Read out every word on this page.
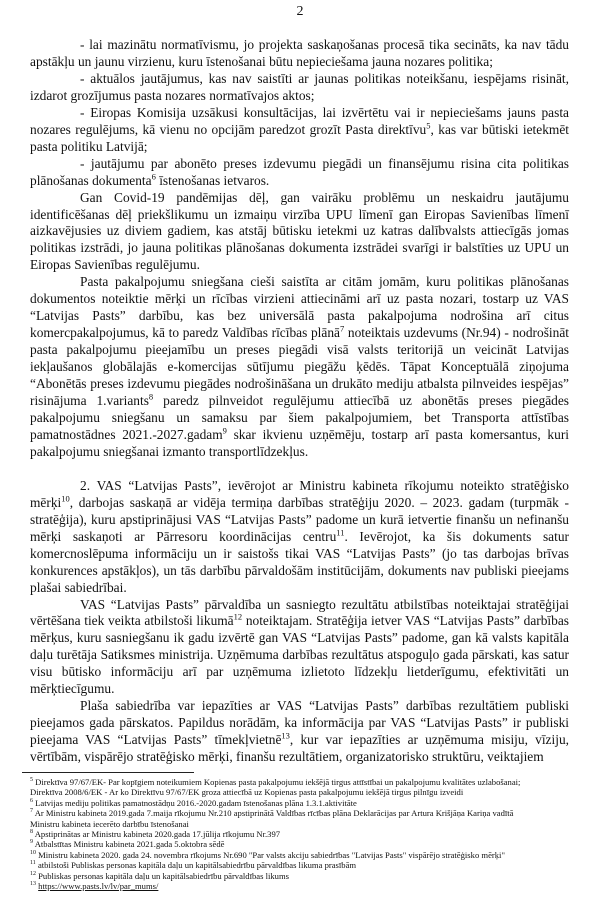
2

- lai mazinātu normatīvismu, jo projekta saskaņošanas procesā tika secināts, ka nav tādu apstākļu un jaunu virzienu, kuru īstenošanai būtu nepieciešama jauna nozares politika;

- aktuālos jautājumus, kas nav saistīti ar jaunas politikas noteikšanu, iespējams risināt, izdarot grozījumus pasta nozares normatīvajos aktos;

- Eiropas Komisija uzsākusi konsultācijas, lai izvērtētu vai ir nepieciešams jauns pasta nozares regulējums, kā vienu no opcijām paredzot grozīt Pasta direktīvu$^5$, kas var būtiski ietekmēt pasta politiku Latvijā;

- jautājumu par abonēto preses izdevumu piegādi un finansējumu risina cita politikas plānošanas dokumenta$^6$ īstenošanas ietvaros.

Gan Covid-19 pandēmijas dēļ, gan vairāku problēmu un neskaidru jautājumu identificēšanas dēļ priekšlikumu un izmaiņu virzība UPU līmenī gan Eiropas Savienības līmenī aizkavējusies uz diviem gadiem, kas atstāj būtisku ietekmi uz katras dalībvalsts attiecīgās jomas politikas izstrādi, jo jauna politikas plānošanas dokumenta izstrādei svarīgi ir balstīties uz UPU un Eiropas Savienības regulējumu.

Pasta pakalpojumu sniegšana cieši saistīta ar citām jomām, kuru politikas plānošanas dokumentos noteiktie mērķi un rīcības virzieni attiecināmi arī uz pasta nozari, tostarp uz VAS “Latvijas Pasts” darbību, kas bez universālā pasta pakalpojuma nodrošina arī citus komercpakalpojumus, kā to paredz Valdības rīcības plānā$^7$ noteiktais uzdevums (Nr.94) - nodrošināt pasta pakalpojumu pieejamību un preses piegādi visā valsts teritorijā un veicināt Latvijas iekļaušanos globālajās e-komercijas sūtījumu piegāžu ķēdēs. Tāpat Konceptuālā ziņojuma “Abonētās preses izdevumu piegādes nodrošināšana un drukāto mediju atbalsta pilnveides iespējas” risinājuma 1.variants$^8$ paredz pilnveidot regulējumu attiecībā uz abonētās preses piegādes pakalpojumu sniegšanu un samaksu par šiem pakalpojumiem, bet Transporta attīstības pamatnostādnes 2021.-2027.gadam$^9$ skar ikvienu uzņēmēju, tostarp arī pasta komersantus, kuri pakalpojumu sniegšanai izmanto transportlīdzekļus.

2. VAS “Latvijas Pasts”, ievērojot ar Ministru kabineta rīkojumu noteikto stratēģisko mērķi$^{10}$, darbojas saskaņā ar vidēja termiņa darbības stratēģiju 2020. – 2023. gadam (turpmāk - stratēģija), kuru apstiprinājusi VAS “Latvijas Pasts” padome un kurā ietvertie finanšu un nefinanšu mērķi saskaņoti ar Pārresoru koordinācijas centru$^{11}$. Ievērojot, ka šis dokuments satur komercnoslēpuma informāciju un ir saistošs tikai VAS “Latvijas Pasts” (jo tas darbojas brīvas konkurences apstākļos), un tās darbību pārvaldošām institūcijām, dokuments nav publiski pieejams plašai sabiedrībai.

VAS “Latvijas Pasts” pārvaldība un sasniegto rezultātu atbilstības noteiktajai stratēģijai vērtēšana tiek veikta atbilstoši likumā$^{12}$ noteiktajam. Stratēģija ietver VAS “Latvijas Pasts” darbības mērķus, kuru sasniegšanu ik gadu izvērtē gan VAS “Latvijas Pasts” padome, gan kā valsts kapitāla daļu turētāja Satiksmes ministrija. Uzņēmuma darbības rezultātus atspoguļo gada pārskati, kas satur visu būtisko informāciju arī par uzņēmuma izlietoto līdzekļu lietderīgumu, efektivitāti un mērķtiecīgumu.

Plaša sabiedrība var iepazīties ar VAS “Latvijas Pasts” darbības rezultātiem publiski pieejamos gada pārskatos. Papildus norādām, ka informācija par VAS “Latvijas Pasts” ir publiski pieejama VAS “Latvijas Pasts” tīmekļvietnē$^{13}$, kur var iepazīties ar uzņēmuma misiju, vīziju, vērtībām, vispārējo stratēģisko mērķi, finanšu rezultātiem, organizatorisko struktūru, veiktajiem

$^5$ Direktīva 97/67/EK- Par kopīgiem noteikumiem Kopienas pasta pakalpojumu iekšējā tirgus attīstībai un pakalpojumu kvalitātes uzlabošanai;
Direktīva 2008/6/EK - Ar ko Direktīvu 97/67/EK groza attiecībā uz Kopienas pasta pakalpojumu iekšējā tirgus pilnīgu izveidi
$^6$ Latvijas mediju politikas pamatnostādņu 2016.-2020.gadam īstenošanas plāna 1.3.1.aktivitāte
$^7$ Ar Ministru kabineta 2019.gada 7.maija rīkojumu Nr.210 apstiprinātā Valdības rīcības plāna Deklarācijas par Artura Krišjāņa Kariņa vadītā
Ministru kabineta iecerēto darbību īstenošanai
$^8$ Apstiprinātas ar Ministru kabineta 2020.gada 17.jūlija rīkojumu Nr.397
$^9$ Atbalstītas Ministru kabineta 2021.gada 5.oktobra sēdē
$^{10}$ Ministru kabineta 2020. gada 24. novembra rīkojums Nr.690 "Par valsts akciju sabiedrības "Latvijas Pasts" vispārējo stratēģisko mērķi"
$^{11}$ atbilstoši Publiskas personas kapitāla daļu un kapitālsabiedrību pārvaldības likuma prasībām
$^{12}$ Publiskas personas kapitāla daļu un kapitālsabiedrību pārvaldības likums
$^{13}$ https://www.pasts.lv/lv/par_mums/
